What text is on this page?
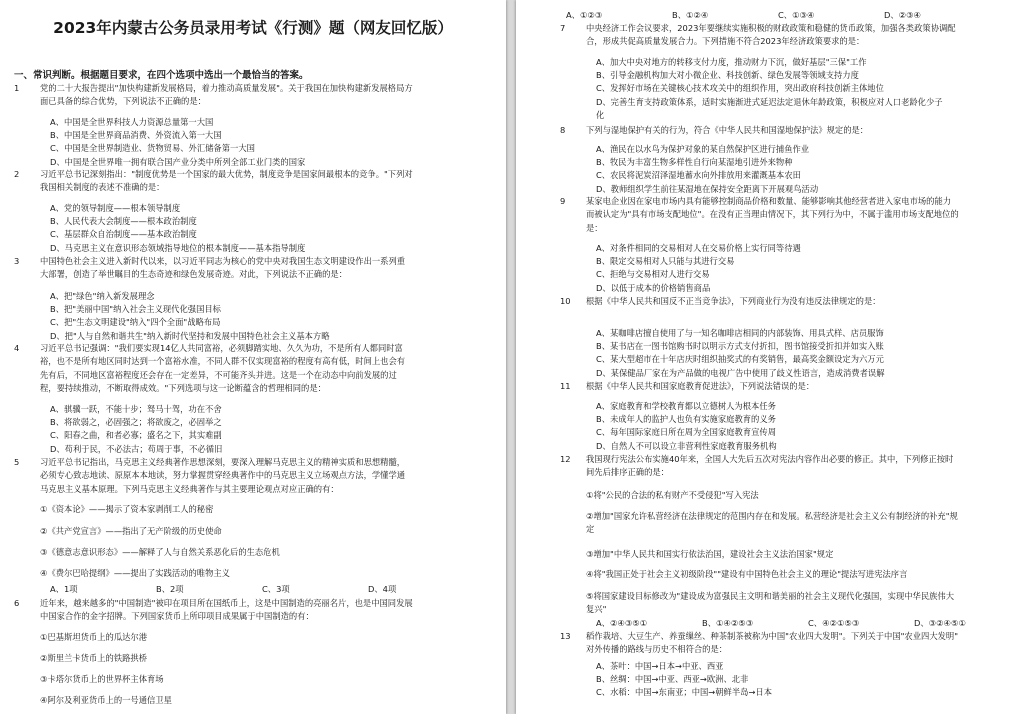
2023年内蒙古公务员录用考试《行测》题（网友回忆版）
一、常识判断。根据题目要求，在四个选项中选出一个最恰当的答案。
1 党的二十大报告提出"加快构建新发展格局，着力推动高质量发展"。关于我国在加快构建新发展格局方
面已具备的综合优势，下列说法不正确的是：
A、中国是全世界科技人力资源总量第一大国
B、中国是全世界商品消费、外资流入第一大国
C、中国是全世界制造业、货物贸易、外汇储备第一大国
D、中国是全世界唯一拥有联合国产业分类中所列全部工业门类的国家
2 习近平总书记深刻指出："制度优势是一个国家的最大优势，制度竞争是国家间最根本的竞争。"下列对
我国相关制度的表述不准确的是：
A、党的领导制度——根本领导制度
B、人民代表大会制度——根本政治制度
C、基层群众自治制度——基本政治制度
D、马克思主义在意识形态领域指导地位的根本制度——基本指导制度
3 中国特色社会主义进入新时代以来，以习近平同志为核心的党中央对我国生态文明建设作出一系列重
大部署，创造了举世瞩目的生态奇迹和绿色发展奇迹。对此，下列说法不正确的是：
A、把"绿色"纳入新发展理念
B、把"美丽中国"纳入社会主义现代化强国目标
C、把"生态文明建设"纳入"四个全面"战略布局
D、把"人与自然和谐共生"纳入新时代坚持和发展中国特色社会主义基本方略
4 习近平总书记强调："我们要实现14亿人共同富裕，必须脚踏实地、久久为功，不是所有人都同时富
裕，也不是所有地区同时达到一个富裕水准，不同人群不仅实现富裕的程度有高有低，时间上也会有
先有后，不同地区富裕程度还会存在一定差异，不可能齐头并进。这是一个在动态中向前发展的过
程，要持续推动，不断取得成效。"下列选项与这一论断蕴含的哲理相同的是：
A、骐骥一跃，不能十步；驽马十驾，功在不舍
B、将欲弱之，必固强之；将欲废之，必固举之
C、阳春之曲，和者必寡；盛名之下，其实难副
D、苟利于民，不必法古；苟周于事，不必循旧
5 习近平总书记指出，马克思主义经典著作思想深刻，要深入理解马克思主义的精神实质和思想精髓，
必须专心致志地读、原原本本地读，努力掌握贯穿经典著作中的马克思主义立场观点方法，学懂学通
马克思主义基本原理。下列马克思主义经典著作与其主要理论观点对应正确的有：
①《资本论》——揭示了资本家剥削工人的秘密
②《共产党宣言》——指出了无产阶级的历史使命
③《德意志意识形态》——解释了人与自然关系恶化后的生态危机
④《费尔巴哈提纲》——提出了实践活动的唯物主义
A、1项	B、2项	C、3项	D、4项
6 近年来，越来越多的"中国制造"被印在项目所在国纸币上，这是中国制造的亮丽名片，也是中国同发展
中国家合作的金字招牌。下列国家货币上所印项目成果属于中国制造的有：
①巴基斯坦货币上的瓜达尔港
②斯里兰卡货币上的铁路拱桥
③卡塔尔货币上的世界杯主体育场
④阿尔及利亚货币上的一号通信卫星
A、①②③	B、①②④	C、①③④	D、②③④
7 中央经济工作会议要求，2023年要继续实施积极的财政政策和稳健的货币政策，加强各类政策协调配
合，形成共促高质量发展合力。下列措施不符合2023年经济政策要求的是：
A、加大中央对地方的转移支付力度，推动财力下沉，做好基层"三保"工作
B、引导金融机构加大对小微企业、科技创新、绿色发展等领域支持力度
C、发挥好市场在关键核心技术攻关中的组织作用，突出政府科技创新主体地位
D、完善生育支持政策体系，适时实施渐进式延迟法定退休年龄政策，积极应对人口老龄化少子
化
8 下列与湿地保护有关的行为，符合《中华人民共和国湿地保护法》规定的是：
A、渔民在以水鸟为保护对象的某自然保护区进行捕鱼作业
B、牧民为丰富生物多样性自行向某湿地引进外来物种
C、农民将泥炭沼泽湿地蓄水向外排放用来灌溉基本农田
D、教师组织学生前往某湿地在保持安全距离下开展观鸟活动
9 某家电企业因在家电市场内具有能够控制商品价格和数量、能够影响其他经营者进入家电市场的能力
而被认定为"具有市场支配地位"。在没有正当理由情况下，其下列行为中，不属于滥用市场支配地位的
是：
A、对条件相同的交易相对人在交易价格上实行同等待遇
B、限定交易相对人只能与其进行交易
C、拒绝与交易相对人进行交易
D、以低于成本的价格销售商品
10 根据《中华人民共和国反不正当竞争法》，下列商业行为没有违反法律规定的是：
A、某咖啡店擅自使用了与一知名咖啡店相同的内部装饰、用具式样、店员服饰
B、某书店在一图书馆购书时以明示方式支付折扣，图书馆接受折扣并如实入账
C、某大型超市在十年店庆时组织抽奖式的有奖销售，最高奖金额设定为六万元
D、某保健品厂家在为产品做的电视广告中使用了歧义性语言，造成消费者误解
11 根据《中华人民共和国家庭教育促进法》，下列说法错误的是：
A、家庭教育和学校教育都以立德树人为根本任务
B、未成年人的监护人也负有实施家庭教育的义务
C、每年国际家庭日所在周为全国家庭教育宣传周
D、自然人不可以设立非营利性家庭教育服务机构
12 我国现行宪法公布实施40年来，全国人大先后五次对宪法内容作出必要的修正。其中，下列修正按时
间先后排序正确的是：
①将"公民的合法的私有财产不受侵犯"写入宪法
②增加"国家允许私营经济在法律规定的范围内存在和发展。私营经济是社会主义公有制经济的补充"规
定
③增加"中华人民共和国实行依法治国，建设社会主义法治国家"规定
④将"我国正处于社会主义初级阶段""建设有中国特色社会主义的理论"提法写进宪法序言
⑤将国家建设目标修改为"建设成为富强民主文明和谐美丽的社会主义现代化强国，实现中华民族伟大
复兴"
A、②④③⑤①	B、①④②⑤③	C、④②①⑤③	D、③②④⑤①
13 稻作栽培、大豆生产、养蚕缫丝、种茶制茶被称为中国"农业四大发明"。下列关于中国"农业四大发明"
对外传播的路线与历史不相符合的是：
A、茶叶：中国→日本→中亚、西亚
B、丝绸：中国→中亚、西亚→欧洲、北非
C、水稻：中国→东南亚；中国→朝鲜半岛→日本
